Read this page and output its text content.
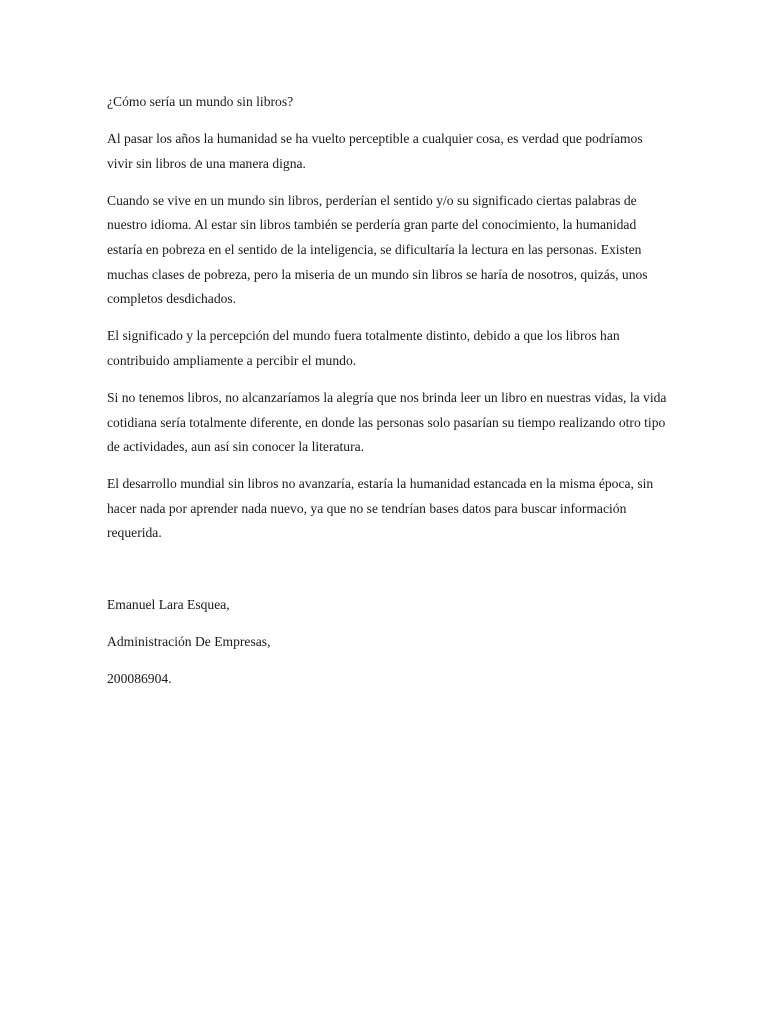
¿Cómo sería un mundo sin libros?

Al pasar los años la humanidad se ha vuelto perceptible a cualquier cosa, es verdad que podríamos vivir sin libros de una manera digna.

Cuando se vive en un mundo sin libros, perderían el sentido y/o su significado ciertas palabras de nuestro idioma. Al estar sin libros también se perdería gran parte del conocimiento, la humanidad estaría en pobreza en el sentido de la inteligencia, se dificultaría la lectura en las personas. Existen muchas clases de pobreza, pero la miseria de un mundo sin libros se haría de nosotros, quizás, unos completos desdichados.

El significado y la percepción del mundo fuera totalmente distinto, debido a que los libros han contribuido ampliamente a percibir el mundo.

Si no tenemos libros, no alcanzaríamos la alegría que nos brinda leer un libro en nuestras vidas, la vida cotidiana sería totalmente diferente, en donde las personas solo pasarían su tiempo realizando otro tipo de actividades, aun así sin conocer la literatura.

El desarrollo mundial sin libros no avanzaría, estaría la humanidad estancada en la misma época, sin hacer nada por aprender nada nuevo, ya que no se tendrían bases datos para buscar información requerida.

Emanuel Lara Esquea,

Administración De Empresas,

200086904.
